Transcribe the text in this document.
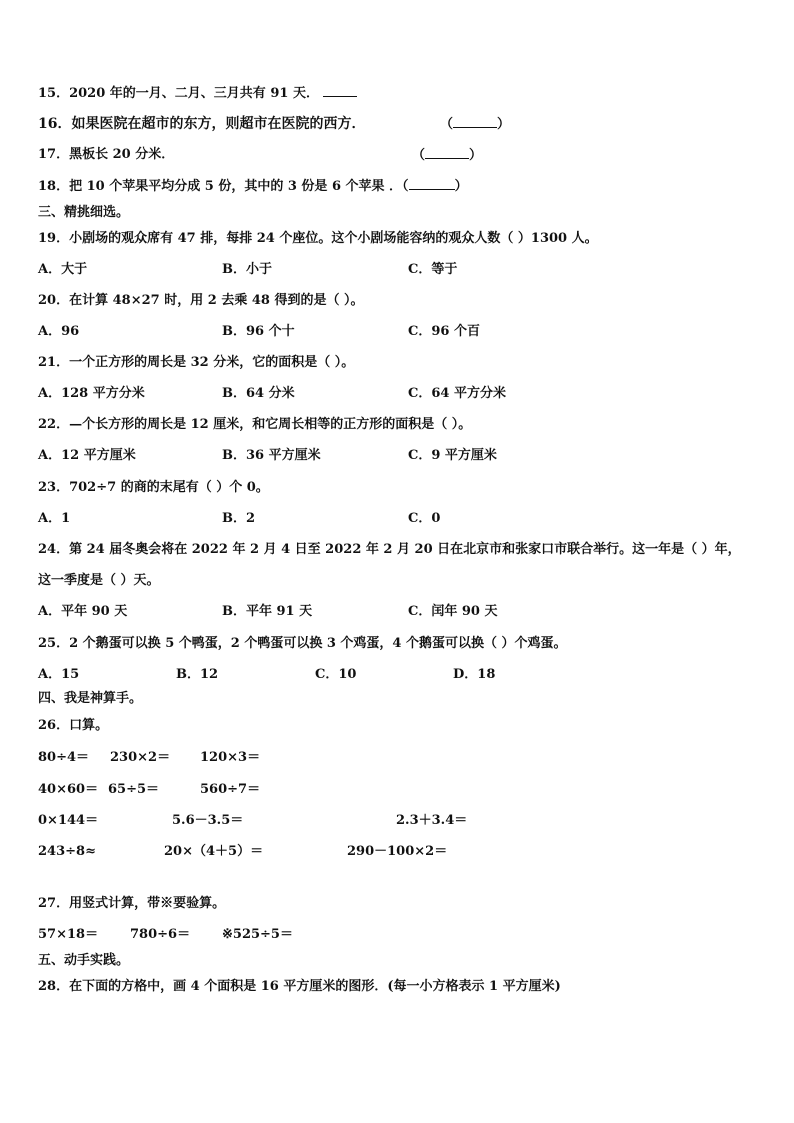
15．2020 年的一月、二月、三月共有 91 天．
16．如果医院在超市的东方，则超市在医院的西方．	（	）
17．黑板长 20 分米．	（	）
18．把 10 个苹果平均分成 5 份，其中的 3 份是 6 个苹果 ．（	）
三、精挑细选。
19．小剧场的观众席有 47 排，每排 24 个座位。这个小剧场能容纳的观众人数（ ）1300 人。
A．大于	B．小于	C．等于
20．在计算 48×27 时，用 2 去乘 48 得到的是（ ）。
A．96	B．96 个十	C．96 个百
21．一个正方形的周长是 32 分米，它的面积是（ ）。
A．128 平方分米	B．64 分米	C．64 平方分米
22．—个长方形的周长是 12 厘米，和它周长相等的正方形的面积是（ ）。
A．12 平方厘米	B．36 平方厘米	C．9 平方厘米
23．702÷7 的商的末尾有（ ）个 0。
A．1	B．2	C．0
24．第 24 届冬奥会将在 2022 年 2 月 4 日至 2022 年 2 月 20 日在北京市和张家口市联合举行。这一年是（ ）年，
这一季度是（ ）天。
A．平年 90 天	B．平年 91 天	C．闰年 90 天
25．2 个鹅蛋可以换 5 个鸭蛋，2 个鸭蛋可以换 3 个鸡蛋，4 个鹅蛋可以换（ ）个鸡蛋。
A．15	B．12	C．10	D．18
四、我是神算手。
26．口算。
80÷4＝ 230×2＝ 120×3＝
40×60＝ 65÷5＝	560÷7＝
0×144＝	5.6－3.5＝	2.3＋3.4＝
243÷8≈	20×（4＋5）＝	290－100×2＝
27．用竖式计算，带※要验算。
57×18＝ 780÷6＝ ※525÷5＝
五、动手实践。
28．在下面的方格中，画 4 个面积是 16 平方厘米的图形．(每一小方格表示 1 平方厘米)
